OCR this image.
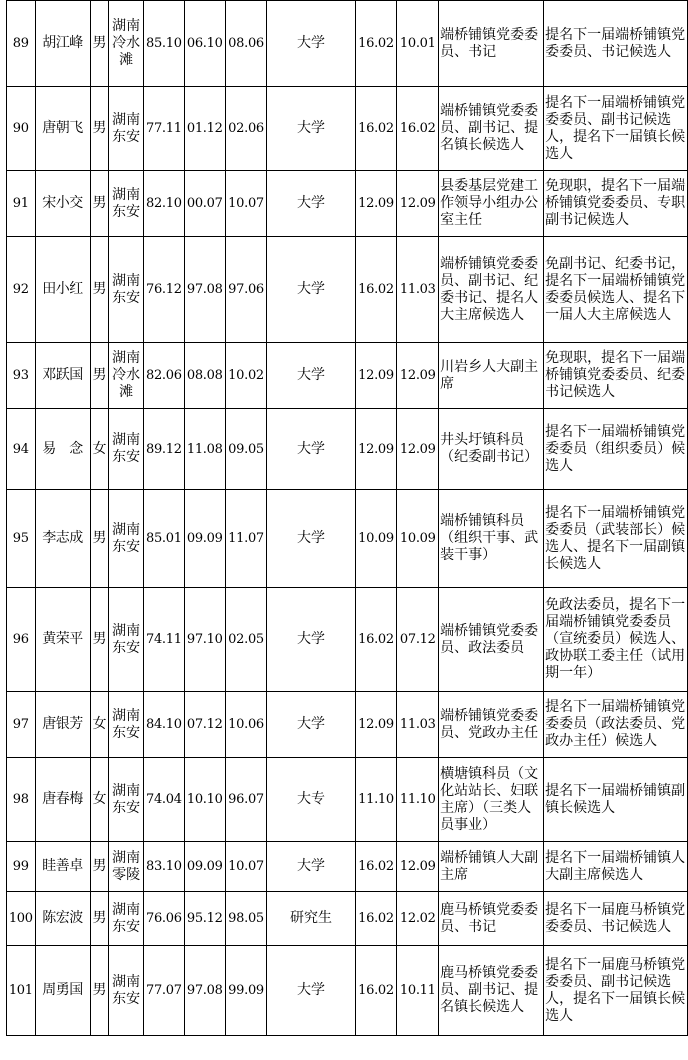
89	胡江峰	男	湖南冷水滩	85.10	06.10	08.06	大学	16.02	10.01	端桥铺镇党委委员、书记	提名下一届端桥铺镇党委委员、书记候选人
90	唐朝飞	男	湖南东安	77.11	01.12	02.06	大学	16.02	16.02	端桥铺镇党委委员、副书记、提名镇长候选人	提名下一届端桥铺镇党委委员、副书记候选人，提名下一届镇长候选人
91	宋小交	男	湖南东安	82.10	00.07	10.07	大学	12.09	12.09	县委基层党建工作领导小组办公室主任	免现职，提名下一届端桥铺镇党委委员、专职副书记候选人
92	田小红	男	湖南东安	76.12	97.08	97.06	大学	16.02	11.03	端桥铺镇党委委员、副书记、纪委书记、提名人大主席候选人	免副书记、纪委书记，提名下一届端桥铺镇党委委员候选人、提名下一届人大主席候选人
93	邓跃国	男	湖南冷水滩	82.06	08.08	10.02	大学	12.09	12.09	川岩乡人大副主席	免现职，提名下一届端桥铺镇党委委员、纪委书记候选人
94	易　念	女	湖南东安	89.12	11.08	09.05	大学	12.09	12.09	井头圩镇科员（纪委副书记）	提名下一届端桥铺镇党委委员（组织委员）候选人
95	李志成	男	湖南东安	85.01	09.09	11.07	大学	10.09	10.09	端桥铺镇科员（组织干事、武装干事）	提名下一届端桥铺镇党委委员（武装部长）候选人、提名下一届副镇长候选人
96	黄荣平	男	湖南东安	74.11	97.10	02.05	大学	16.02	07.12	端桥铺镇党委委员、政法委员	免政法委员，提名下一届端桥铺镇党委委员（宣统委员）候选人、政协联工委主任（试用期一年）
97	唐银芳	女	湖南东安	84.10	07.12	10.06	大学	12.09	11.03	端桥铺镇党委委员、党政办主任	提名下一届端桥铺镇党委委员（政法委员、党政办主任）候选人
98	唐春梅	女	湖南东安	74.04	10.10	96.07	大专	11.10	11.10	横塘镇科员（文化站站长、妇联主席）（三类人员事业）	提名下一届端桥铺镇副镇长候选人
99	眭善卓	男	湖南零陵	83.10	09.09	10.07	大学	16.02	12.09	端桥铺镇人大副主席	提名下一届端桥铺镇人大副主席候选人
100	陈宏波	男	湖南东安	76.06	95.12	98.05	研究生	16.02	12.02	鹿马桥镇党委委员、书记	提名下一届鹿马桥镇党委委员、书记候选人
101	周勇国	男	湖南东安	77.07	97.08	99.09	大学	16.02	10.11	鹿马桥镇党委委员、副书记、提名镇长候选人	提名下一届鹿马桥镇党委委员、副书记候选人，提名下一届镇长候选人
